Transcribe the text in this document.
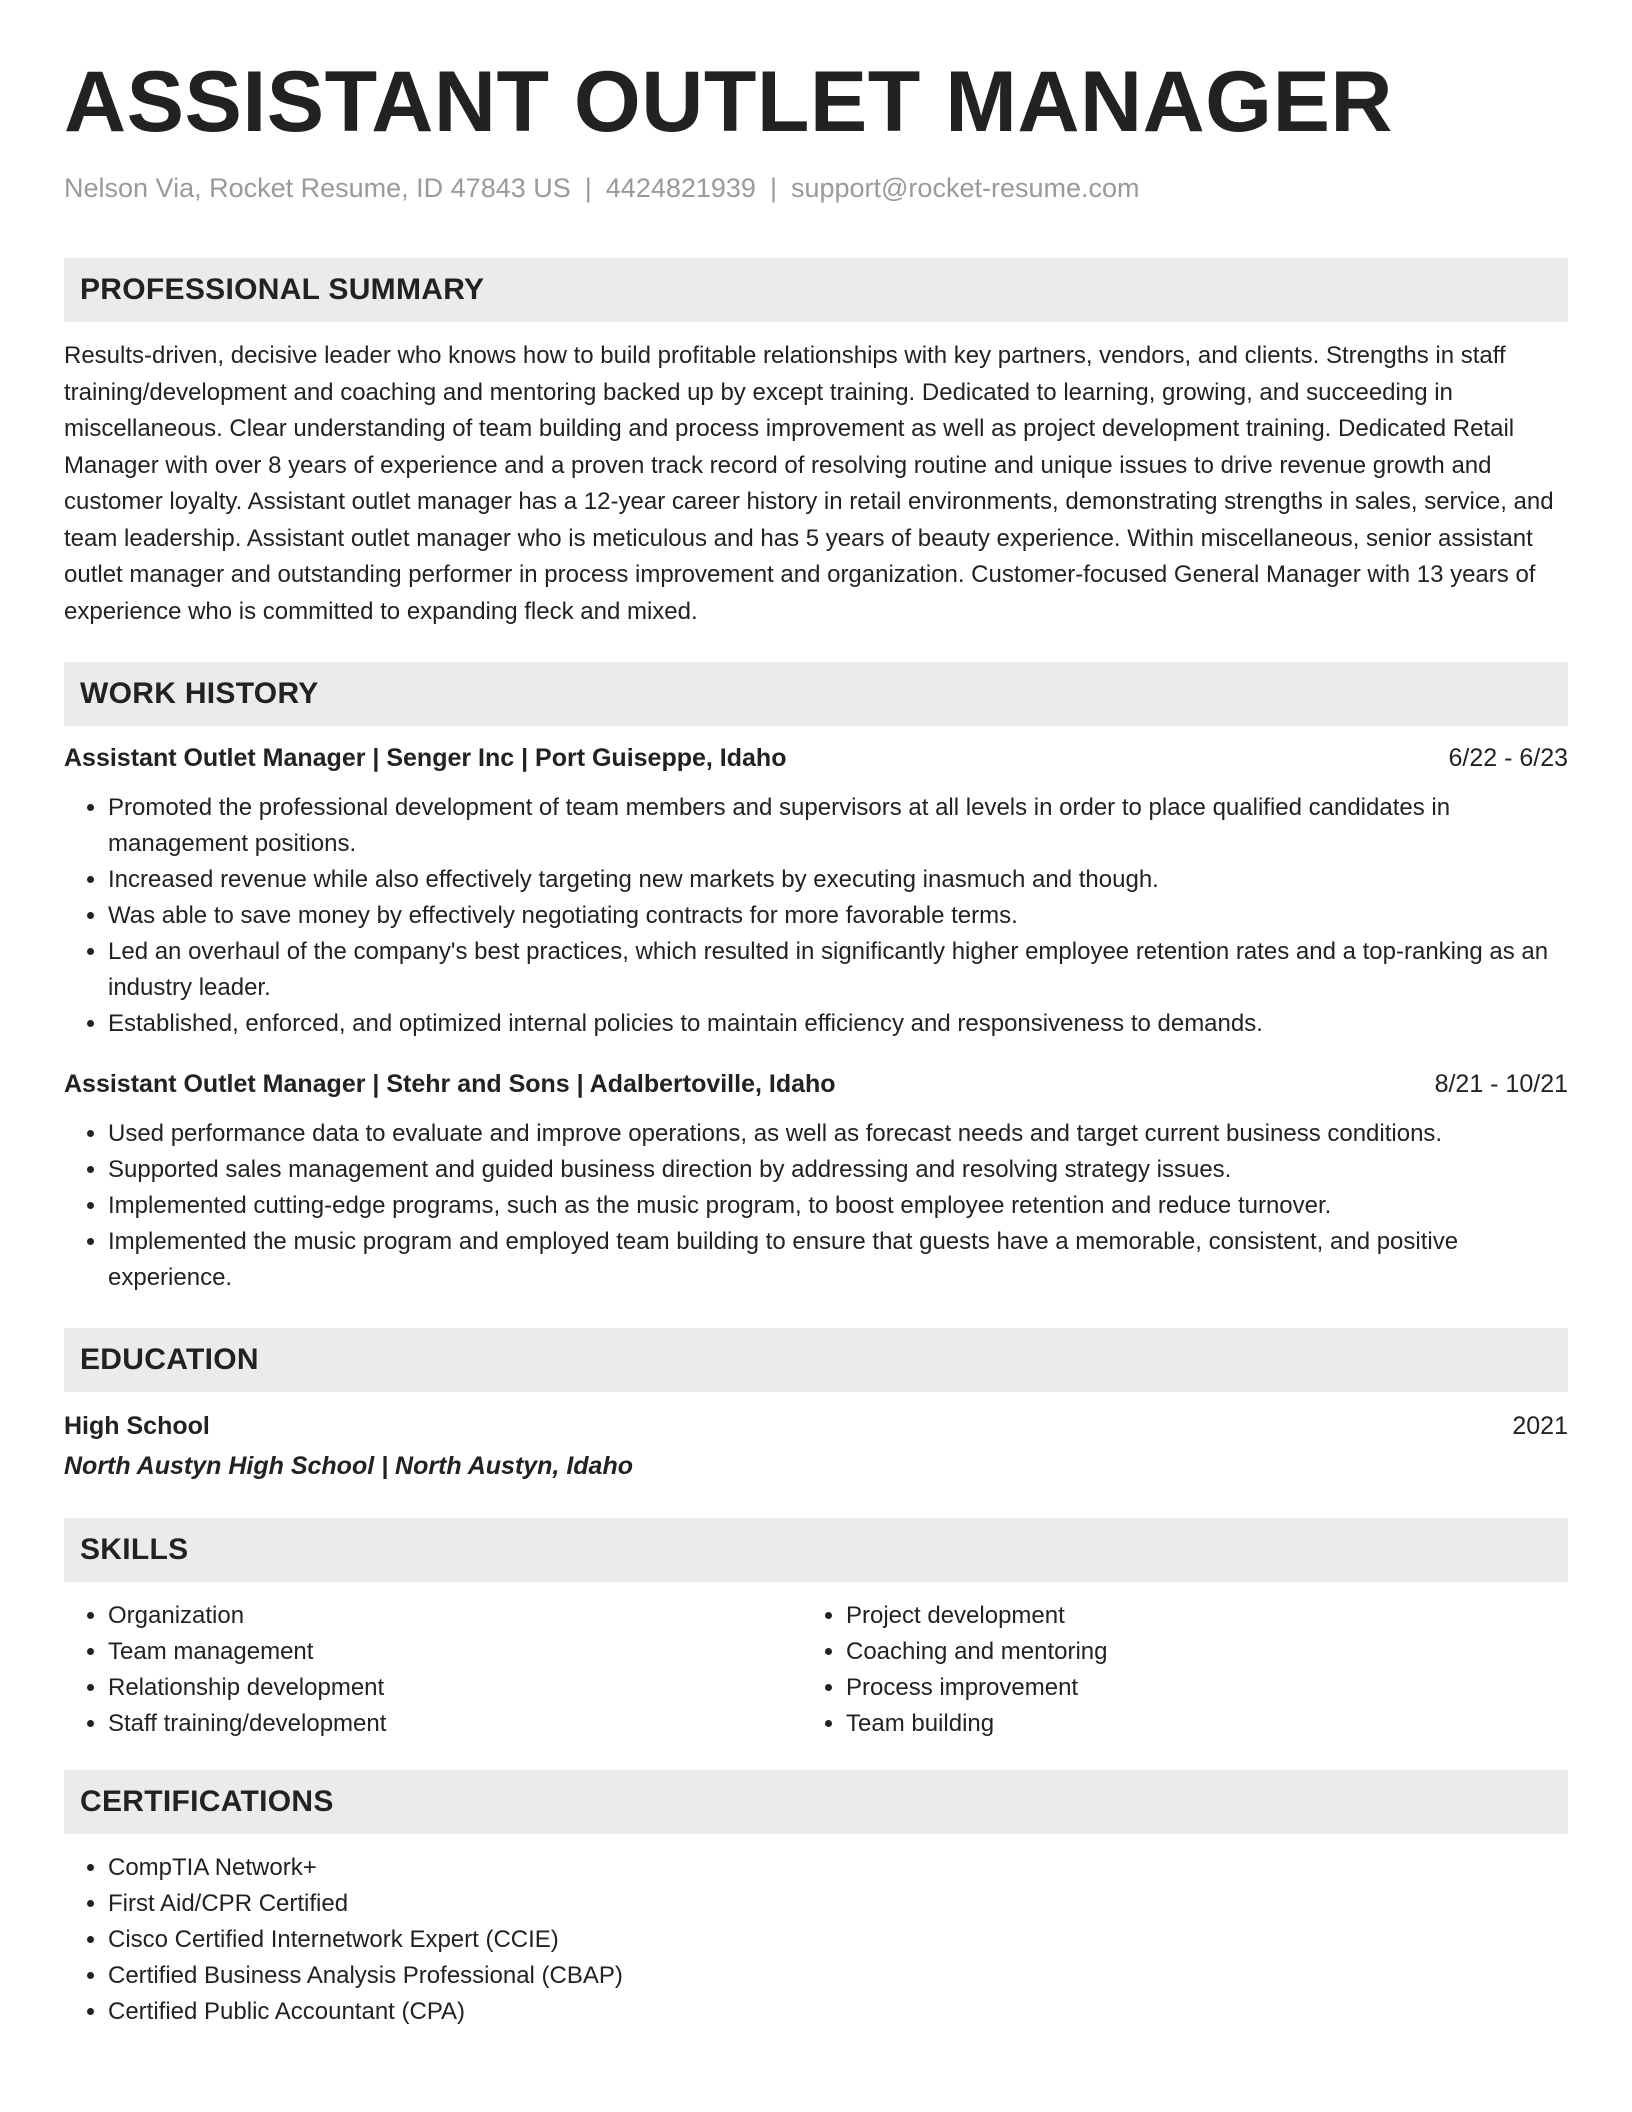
ASSISTANT OUTLET MANAGER
Nelson Via, Rocket Resume, ID 47843 US | 4424821939 | support@rocket-resume.com
PROFESSIONAL SUMMARY
Results-driven, decisive leader who knows how to build profitable relationships with key partners, vendors, and clients. Strengths in staff training/development and coaching and mentoring backed up by except training. Dedicated to learning, growing, and succeeding in miscellaneous. Clear understanding of team building and process improvement as well as project development training. Dedicated Retail Manager with over 8 years of experience and a proven track record of resolving routine and unique issues to drive revenue growth and customer loyalty. Assistant outlet manager has a 12-year career history in retail environments, demonstrating strengths in sales, service, and team leadership. Assistant outlet manager who is meticulous and has 5 years of beauty experience. Within miscellaneous, senior assistant outlet manager and outstanding performer in process improvement and organization. Customer-focused General Manager with 13 years of experience who is committed to expanding fleck and mixed.
WORK HISTORY
Assistant Outlet Manager | Senger Inc | Port Guiseppe, Idaho	6/22 - 6/23
• Promoted the professional development of team members and supervisors at all levels in order to place qualified candidates in management positions.
• Increased revenue while also effectively targeting new markets by executing inasmuch and though.
• Was able to save money by effectively negotiating contracts for more favorable terms.
• Led an overhaul of the company's best practices, which resulted in significantly higher employee retention rates and a top-ranking as an industry leader.
• Established, enforced, and optimized internal policies to maintain efficiency and responsiveness to demands.
Assistant Outlet Manager | Stehr and Sons | Adalbertoville, Idaho	8/21 - 10/21
• Used performance data to evaluate and improve operations, as well as forecast needs and target current business conditions.
• Supported sales management and guided business direction by addressing and resolving strategy issues.
• Implemented cutting-edge programs, such as the music program, to boost employee retention and reduce turnover.
• Implemented the music program and employed team building to ensure that guests have a memorable, consistent, and positive experience.
EDUCATION
High School	2021
North Austyn High School | North Austyn, Idaho
SKILLS
• Organization
• Team management
• Relationship development
• Staff training/development
• Project development
• Coaching and mentoring
• Process improvement
• Team building
CERTIFICATIONS
• CompTIA Network+
• First Aid/CPR Certified
• Cisco Certified Internetwork Expert (CCIE)
• Certified Business Analysis Professional (CBAP)
• Certified Public Accountant (CPA)
